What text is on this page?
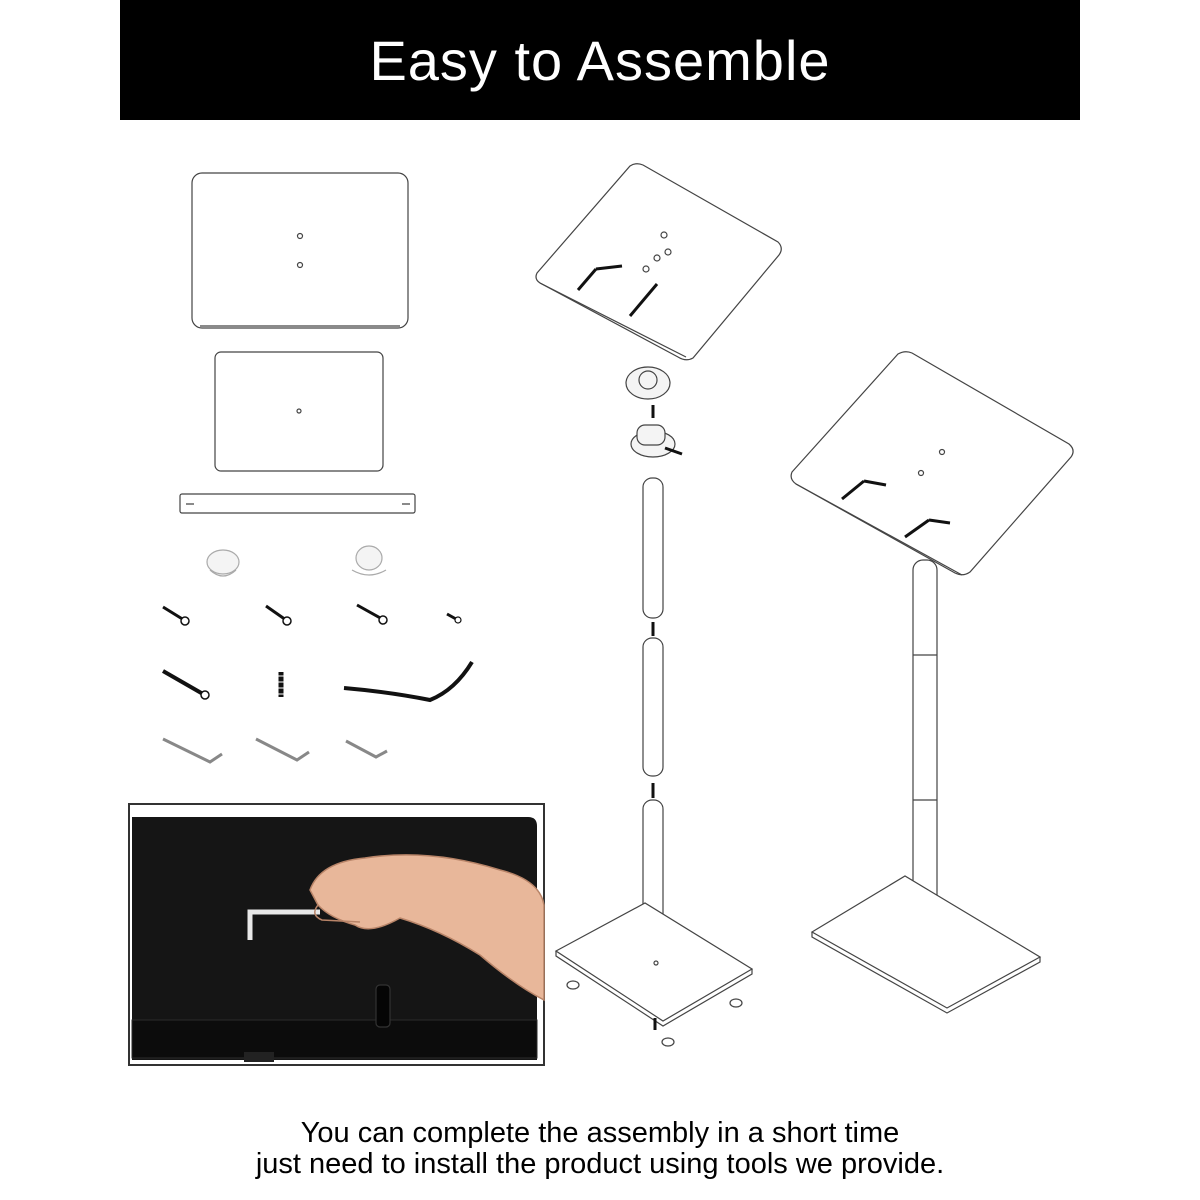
Easy to Assemble
You can complete the assembly in a short time
just need to install the product using tools we provide.
